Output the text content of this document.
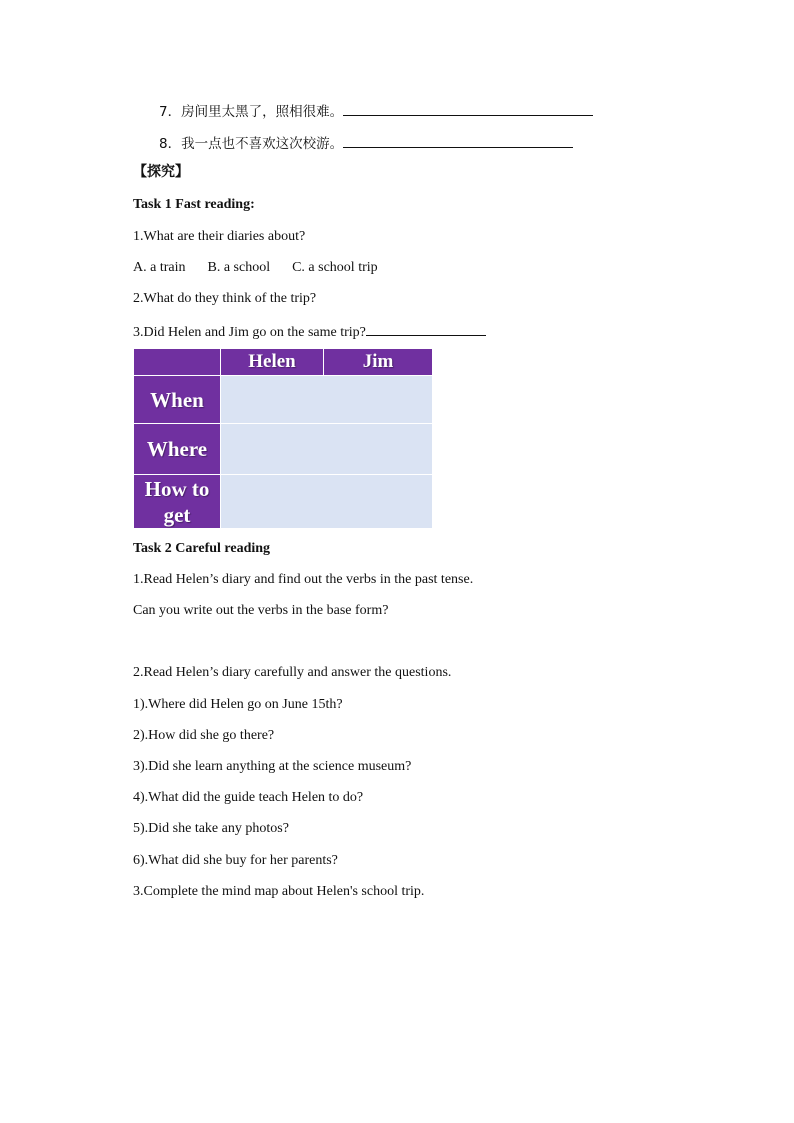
7．房间里太黑了，照相很难。
8．我一点也不喜欢这次校游。
【探究】
Task 1 Fast reading:
1.What are their diaries about?
A. a train B. a school C. a school trip
2.What do they think of the trip?
3.Did Helen and Jim go on the same trip?
	Helen	Jim
When		
Where		
How to get		
Task 2 Careful reading
1.Read Helen’s diary and find out the verbs in the past tense.
Can you write out the verbs in the base form?
2.Read Helen’s diary carefully and answer the questions.
1).Where did Helen go on June 15th?
2).How did she go there?
3).Did she learn anything at the science museum?
4).What did the guide teach Helen to do?
5).Did she take any photos?
6).What did she buy for her parents?
3.Complete the mind map about Helen's school trip.
